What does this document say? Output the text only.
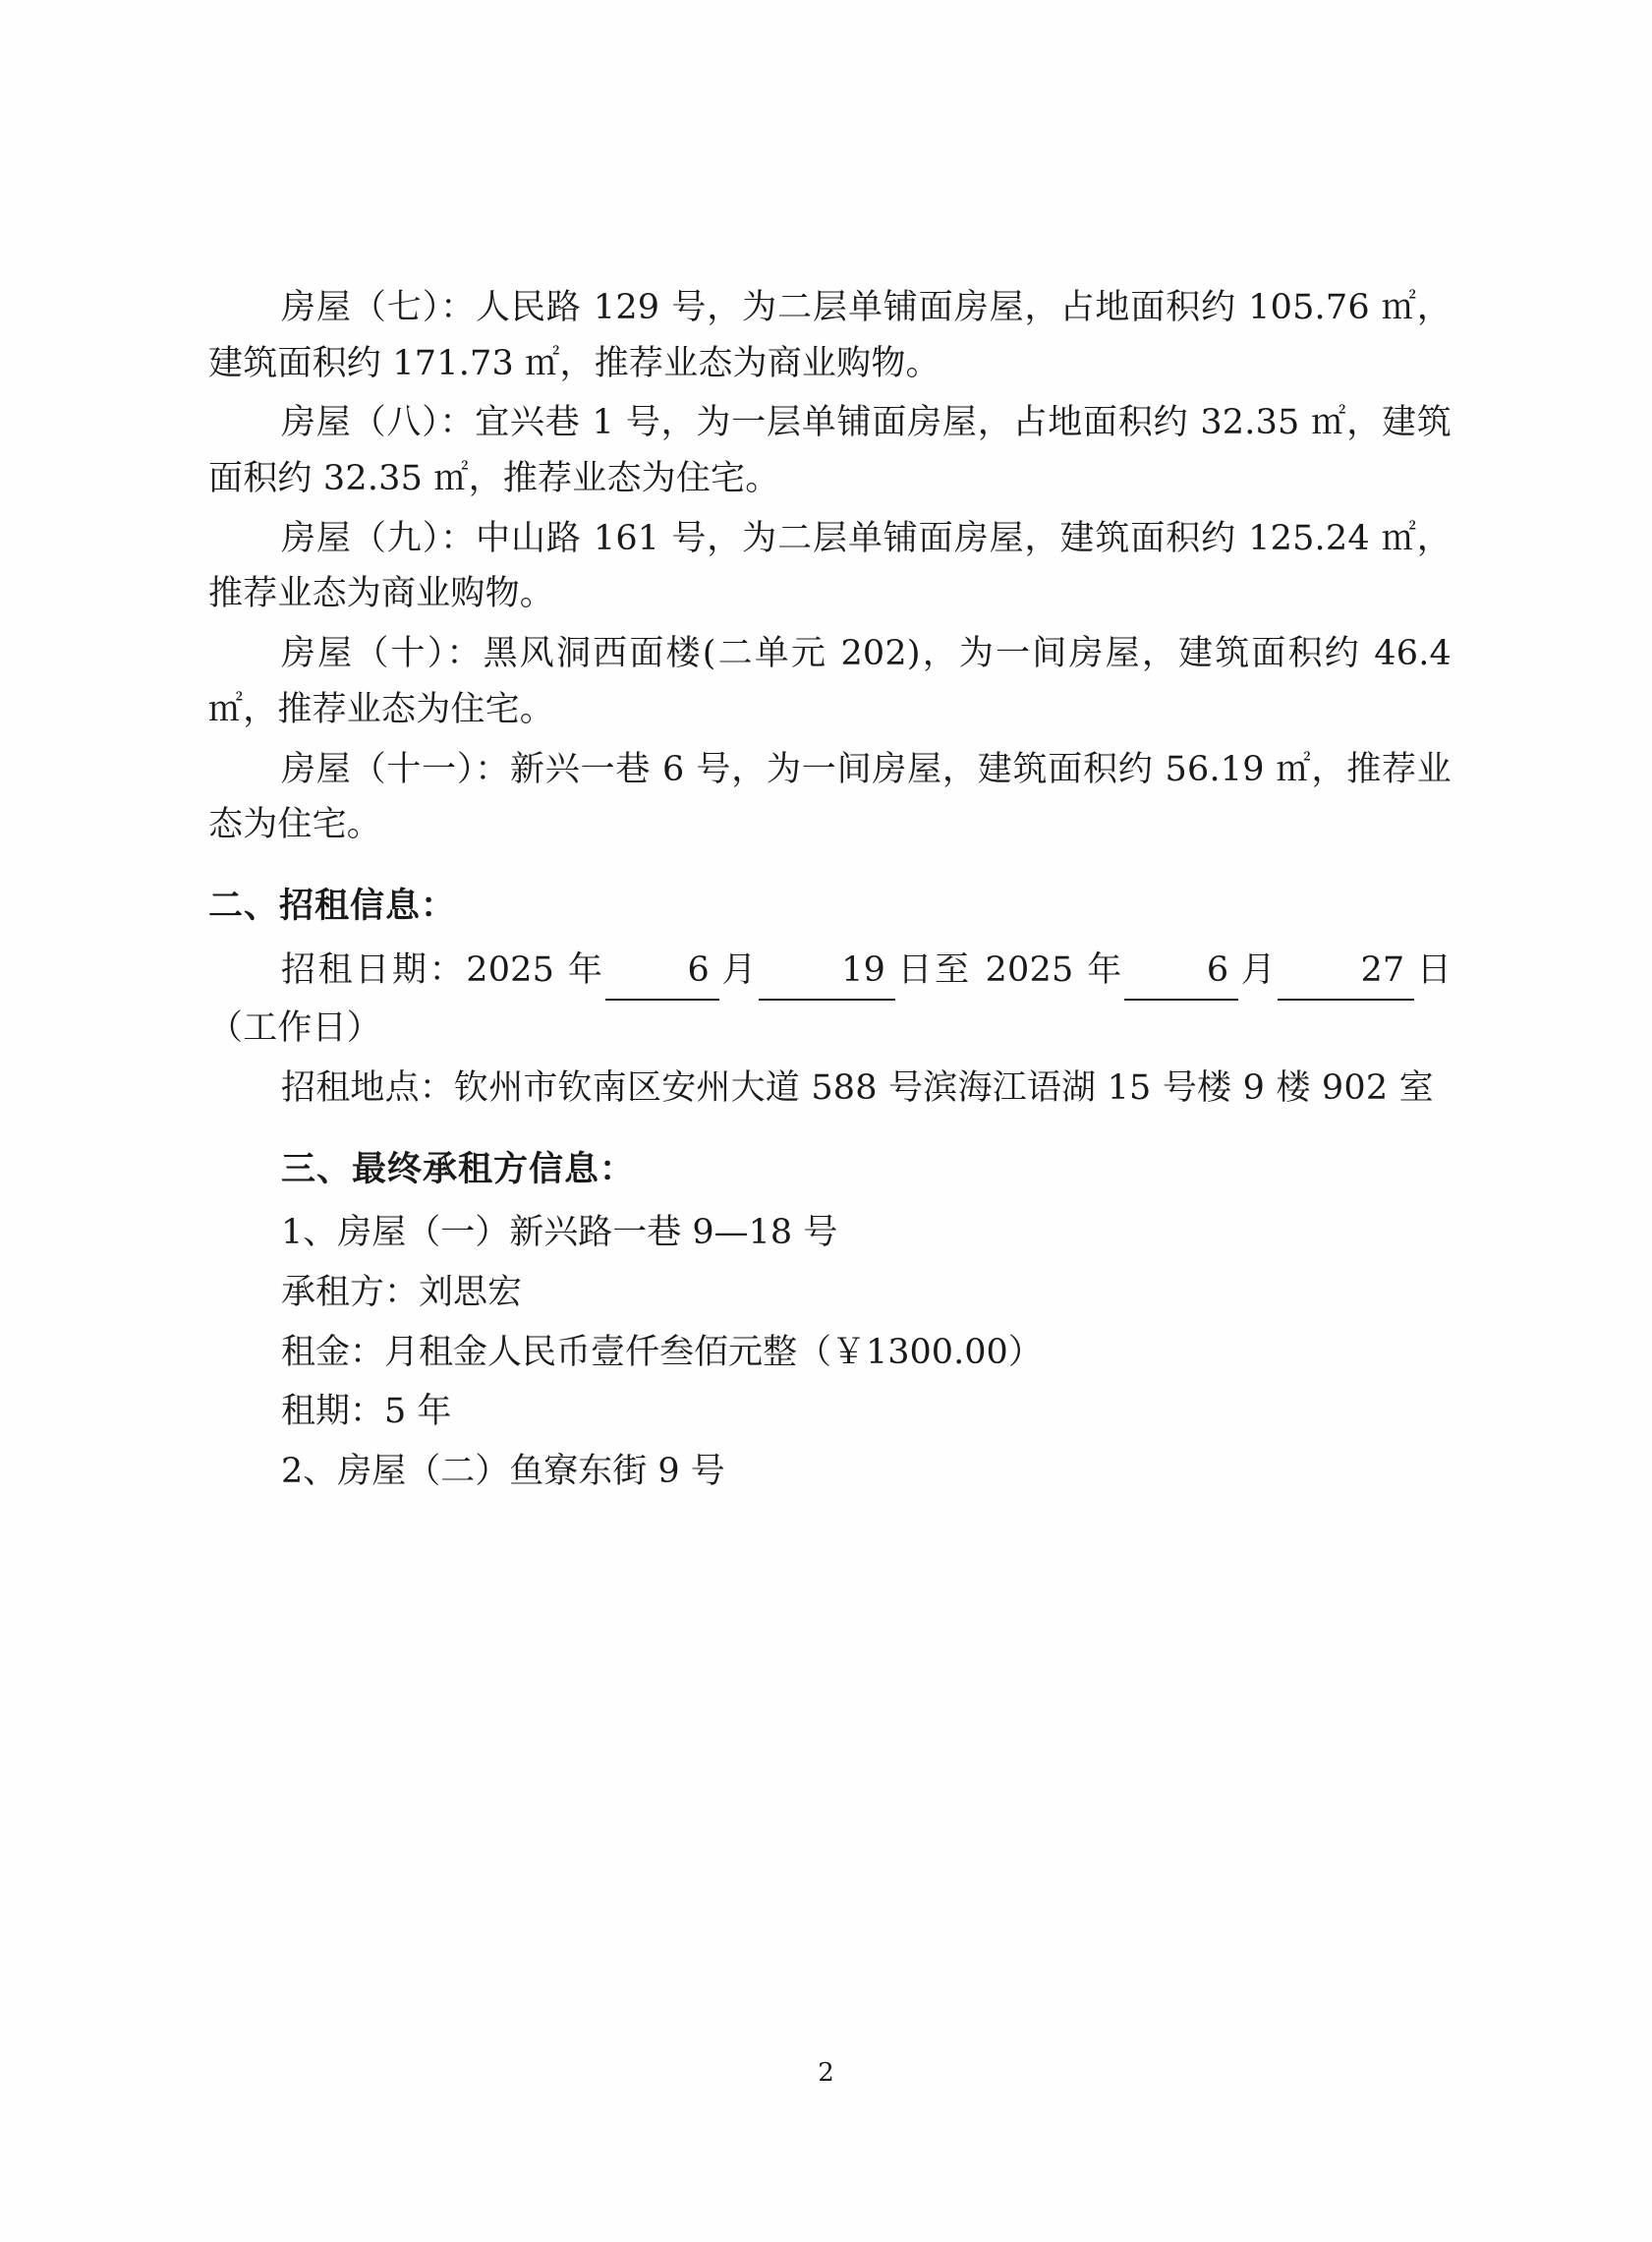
房屋（七）：人民路 129 号，为二层单铺面房屋，占地面积约 105.76 ㎡，建筑面积约 171.73 ㎡，推荐业态为商业购物。

房屋（八）：宜兴巷 1 号，为一层单铺面房屋，占地面积约 32.35 ㎡，建筑面积约 32.35 ㎡，推荐业态为住宅。

房屋（九）：中山路 161 号，为二层单铺面房屋，建筑面积约 125.24 ㎡，推荐业态为商业购物。

房屋（十）：黑风洞西面楼(二单元 202)，为一间房屋，建筑面积约 46.4 ㎡，推荐业态为住宅。

房屋（十一）：新兴一巷 6 号，为一间房屋，建筑面积约 56.19 ㎡，推荐业态为住宅。

二、招租信息：

招租日期：2025 年 6 月 19 日至 2025 年 6 月 27 日（工作日）

招租地点：钦州市钦南区安州大道 588 号滨海江语湖 15 号楼 9 楼 902 室

三、最终承租方信息：

1、房屋（一）新兴路一巷 9—18 号

承租方：刘思宏

租金：月租金人民币壹仟叁佰元整（￥1300.00）

租期：5 年

2、房屋（二）鱼寮东街 9 号

2
